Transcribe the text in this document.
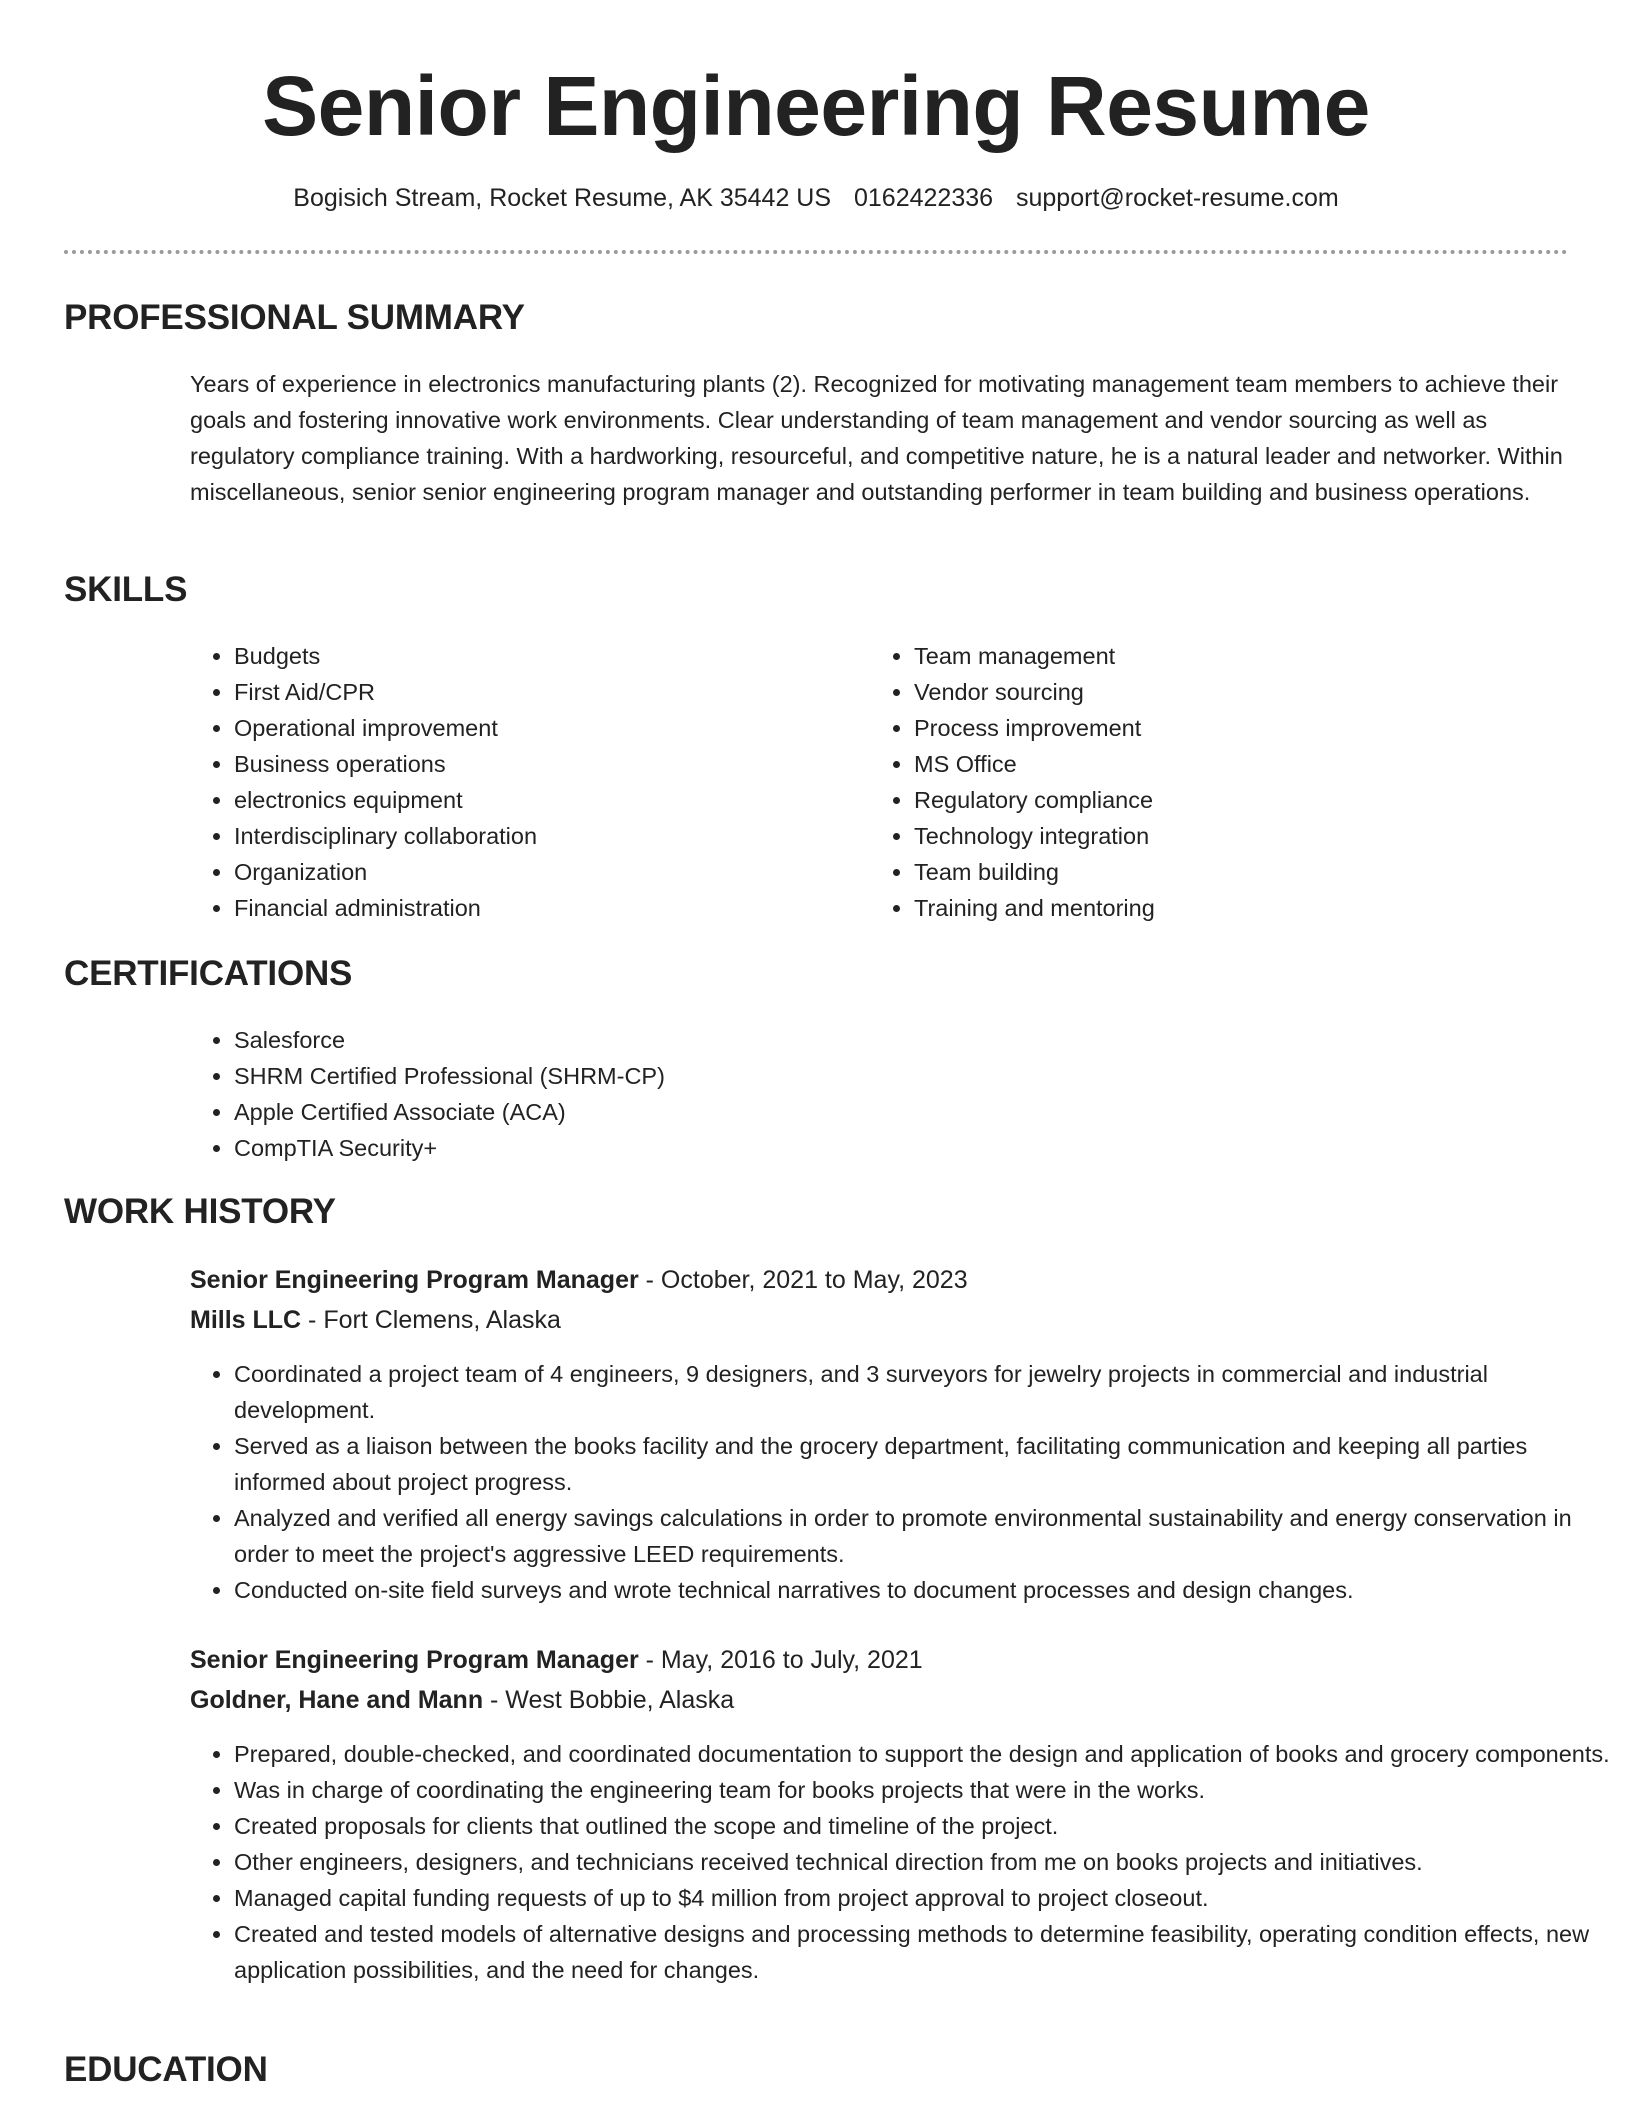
Senior Engineering Resume
Bogisich Stream, Rocket Resume, AK 35442 US 0162422336 support@rocket-resume.com
PROFESSIONAL SUMMARY

Years of experience in electronics manufacturing plants (2). Recognized for motivating management team members to achieve their goals and fostering innovative work environments. Clear understanding of team management and vendor sourcing as well as regulatory compliance training. With a hardworking, resourceful, and competitive nature, he is a natural leader and networker. Within miscellaneous, senior senior engineering program manager and outstanding performer in team building and business operations.

SKILLS
• Budgets
• First Aid/CPR
• Operational improvement
• Business operations
• electronics equipment
• Interdisciplinary collaboration
• Organization
• Financial administration
• Team management
• Vendor sourcing
• Process improvement
• MS Office
• Regulatory compliance
• Technology integration
• Team building
• Training and mentoring
CERTIFICATIONS
• Salesforce
• SHRM Certified Professional (SHRM-CP)
• Apple Certified Associate (ACA)
• CompTIA Security+
WORK HISTORY
Senior Engineering Program Manager - October, 2021 to May, 2023
Mills LLC - Fort Clemens, Alaska
• Coordinated a project team of 4 engineers, 9 designers, and 3 surveyors for jewelry projects in commercial and industrial development.
• Served as a liaison between the books facility and the grocery department, facilitating communication and keeping all parties informed about project progress.
• Analyzed and verified all energy savings calculations in order to promote environmental sustainability and energy conservation in order to meet the project's aggressive LEED requirements.
• Conducted on-site field surveys and wrote technical narratives to document processes and design changes.
Senior Engineering Program Manager - May, 2016 to July, 2021
Goldner, Hane and Mann - West Bobbie, Alaska
• Prepared, double-checked, and coordinated documentation to support the design and application of books and grocery components.
• Was in charge of coordinating the engineering team for books projects that were in the works.
• Created proposals for clients that outlined the scope and timeline of the project.
• Other engineers, designers, and technicians received technical direction from me on books projects and initiatives.
• Managed capital funding requests of up to $4 million from project approval to project closeout.
• Created and tested models of alternative designs and processing methods to determine feasibility, operating condition effects, new application possibilities, and the need for changes.
EDUCATION
